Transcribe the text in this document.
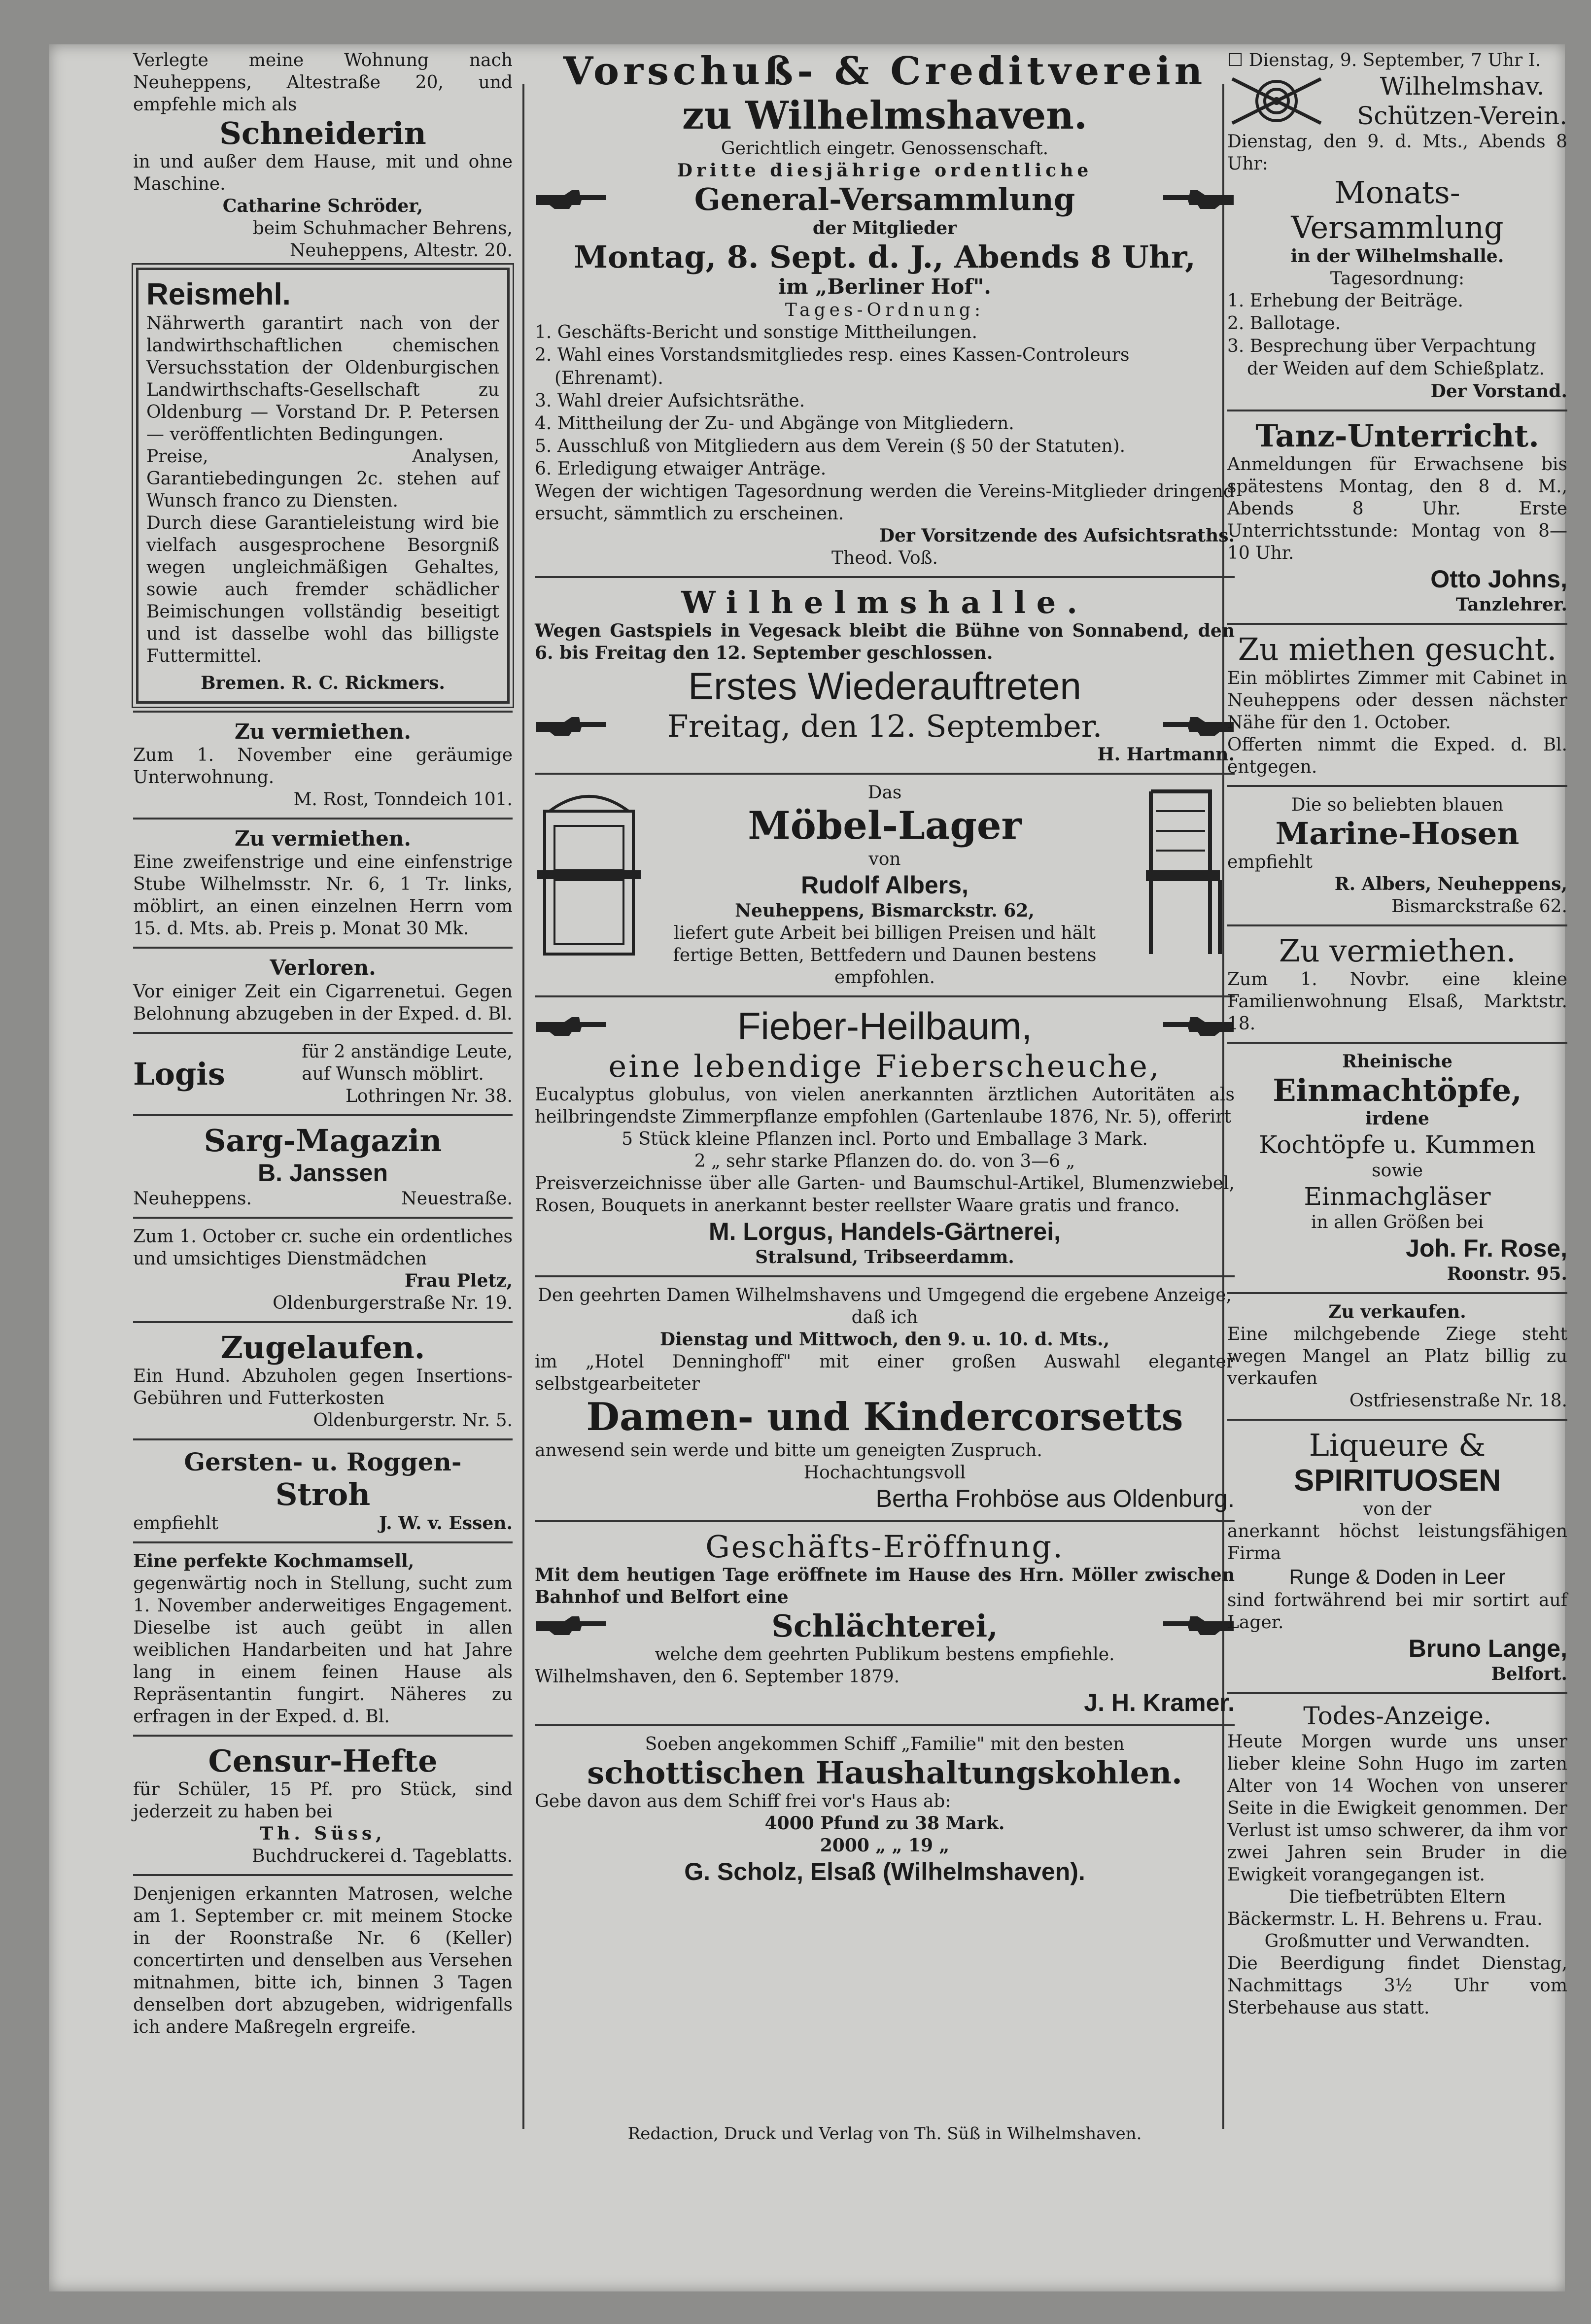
Verlegte meine Wohnung nach Neuheppens, Altestraße 20, und empfehle mich als

Schneiderin

in und außer dem Hause, mit und ohne Maschine.

Catharine Schröder,

beim Schuhmacher Behrens,

Neuheppens, Altestr. 20.

Reismehl.

Nährwerth garantirt nach von der landwirthschaftlichen chemischen Versuchsstation der Oldenburgischen Landwirthschafts-Gesellschaft zu Oldenburg — Vorstand Dr. P. Petersen — veröffentlichten Bedingungen.

Preise, Analysen, Garantiebedingungen 2c. stehen auf Wunsch franco zu Diensten.

Durch diese Garantieleistung wird bie vielfach ausgesprochene Besorgniß wegen ungleichmäßigen Gehaltes, sowie auch fremder schädlicher Beimischungen vollständig beseitigt und ist dasselbe wohl das billigste Futtermittel.

Bremen. R. C. Rickmers.

Zu vermiethen.

Zum 1. November eine geräumige Unterwohnung.

M. Rost, Tonndeich 101.

Zu vermiethen.

Eine zweifenstrige und eine einfenstrige Stube Wilhelmsstr. Nr. 6, 1 Tr. links, möblirt, an einen einzelnen Herrn vom 15. d. Mts. ab. Preis p. Monat 30 Mk.

Verloren.

Vor einiger Zeit ein Cigarrenetui. Gegen Belohnung abzugeben in der Exped. d. Bl.

Logis

für 2 anständige Leute,

auf Wunsch möblirt.

Lothringen Nr. 38.

Sarg-Magazin

B. Janssen

Neuheppens.	Neuestraße.

Zum 1. October cr. suche ein ordentliches und umsichtiges Dienstmädchen

Frau Pletz,

Oldenburgerstraße Nr. 19.

Zugelaufen.

Ein Hund. Abzuholen gegen Insertions-Gebühren und Futterkosten

Oldenburgerstr. Nr. 5.

Gersten- u. Roggen-

Stroh

empfiehlt	J. W. v. Essen.

Eine perfekte Kochmamsell,

gegenwärtig noch in Stellung, sucht zum 1. November anderweitiges Engagement. Dieselbe ist auch geübt in allen weiblichen Handarbeiten und hat Jahre lang in einem feinen Hause als Repräsentantin fungirt. Näheres zu erfragen in der Exped. d. Bl.

Censur-Hefte

für Schüler, 15 Pf. pro Stück, sind jederzeit zu haben bei

Th. Süss,

Buchdruckerei d. Tageblatts.

Denjenigen erkannten Matrosen, welche am 1. September cr. mit meinem Stocke in der Roonstraße Nr. 6 (Keller) concertirten und denselben aus Versehen mitnahmen, bitte ich, binnen 3 Tagen denselben dort abzugeben, widrigenfalls ich andere Maßregeln ergreife.

Vorschuß- & Creditverein

zu Wilhelmshaven.

Gerichtlich eingetr. Genossenschaft.

Dritte diesjährige ordentliche

General-Versammlung

der Mitglieder

Montag, 8. Sept. d. J., Abends 8 Uhr,

im „Berliner Hof".

Tages-Ordnung:

1. Geschäfts-Bericht und sonstige Mittheilungen.

2. Wahl eines Vorstandsmitgliedes resp. eines Kassen-Controleurs (Ehrenamt).

3. Wahl dreier Aufsichtsräthe.

4. Mittheilung der Zu- und Abgänge von Mitgliedern.

5. Ausschluß von Mitgliedern aus dem Verein (§ 50 der Statuten).

6. Erledigung etwaiger Anträge.

Wegen der wichtigen Tagesordnung werden die Vereins-Mitglieder dringend ersucht, sämmtlich zu erscheinen.

Der Vorsitzende des Aufsichtsraths.

Theod. Voß.

Wilhelmshalle.

Wegen Gastspiels in Vegesack bleibt die Bühne von Sonnabend, den 6. bis Freitag den 12. September geschlossen.

Erstes Wiederauftreten

Freitag, den 12. September.

H. Hartmann.

Das

Möbel-Lager

von

Rudolf Albers,

Neuheppens, Bismarckstr. 62,

liefert gute Arbeit bei billigen Preisen und hält fertige Betten, Bettfedern und Daunen bestens empfohlen.

Fieber-Heilbaum,

eine lebendige Fieberscheuche,

Eucalyptus globulus, von vielen anerkannten ärztlichen Autoritäten als heilbringendste Zimmerpflanze empfohlen (Gartenlaube 1876, Nr. 5), offerirt

5 Stück kleine Pflanzen incl. Porto und Emballage 3 Mark.

2 „ sehr starke Pflanzen do. do. von 3—6 „

Preisverzeichnisse über alle Garten- und Baumschul-Artikel, Blumenzwiebel, Rosen, Bouquets in anerkannt bester reellster Waare gratis und franco.

M. Lorgus, Handels-Gärtnerei,

Stralsund, Tribseerdamm.

Den geehrten Damen Wilhelmshavens und Umgegend die ergebene Anzeige, daß ich

Dienstag und Mittwoch, den 9. u. 10. d. Mts.,

im „Hotel Denninghoff" mit einer großen Auswahl eleganter selbstgearbeiteter

Damen- und Kindercorsetts

anwesend sein werde und bitte um geneigten Zuspruch.

Hochachtungsvoll

Bertha Frohböse aus Oldenburg.

Geschäfts-Eröffnung.

Mit dem heutigen Tage eröffnete im Hause des Hrn. Möller zwischen Bahnhof und Belfort eine

Schlächterei,

welche dem geehrten Publikum bestens empfiehle.

Wilhelmshaven, den 6. September 1879.

J. H. Kramer.

Soeben angekommen Schiff „Familie" mit den besten

schottischen Haushaltungskohlen.

Gebe davon aus dem Schiff frei vor's Haus ab:

4000 Pfund zu 38 Mark.

2000 „ „ 19 „

G. Scholz, Elsaß (Wilhelmshaven).

Redaction, Druck und Verlag von Th. Süß in Wilhelmshaven.

☐ Dienstag, 9. September, 7 Uhr I.

Wilhelmshav.

Schützen-Verein.

Dienstag, den 9. d. Mts., Abends 8 Uhr:

Monats-

Versammlung

in der Wilhelmshalle.

Tagesordnung:

1. Erhebung der Beiträge.

2. Ballotage.

3. Besprechung über Verpachtung der Weiden auf dem Schießplatz.

Der Vorstand.

Tanz-Unterricht.

Anmeldungen für Erwachsene bis spätestens Montag, den 8 d. M., Abends 8 Uhr. Erste Unterrichtsstunde: Montag von 8—10 Uhr.

Otto Johns,

Tanzlehrer.

Zu miethen gesucht.

Ein möblirtes Zimmer mit Cabinet in Neuheppens oder dessen nächster Nähe für den 1. October.

Offerten nimmt die Exped. d. Bl. entgegen.

Die so beliebten blauen

Marine-Hosen

empfiehlt

R. Albers, Neuheppens,

Bismarckstraße 62.

Zu vermiethen.

Zum 1. Novbr. eine kleine Familienwohnung Elsaß, Marktstr. 18.

Rheinische

Einmachtöpfe,

irdene

Kochtöpfe u. Kummen

sowie

Einmachgläser

in allen Größen bei

Joh. Fr. Rose,

Roonstr. 95.

Zu verkaufen.

Eine milchgebende Ziege steht wegen Mangel an Platz billig zu verkaufen

Ostfriesenstraße Nr. 18.

Liqueure &

SPIRITUOSEN

von der

anerkannt höchst leistungsfähigen Firma

Runge & Doden in Leer

sind fortwährend bei mir sortirt auf Lager.

Bruno Lange,

Belfort.

Todes-Anzeige.

Heute Morgen wurde uns unser lieber kleine Sohn Hugo im zarten Alter von 14 Wochen von unserer Seite in die Ewigkeit genommen. Der Verlust ist umso schwerer, da ihm vor zwei Jahren sein Bruder in die Ewigkeit vorangegangen ist.

Die tiefbetrübten Eltern

Bäckermstr. L. H. Behrens u. Frau.

Großmutter und Verwandten.

Die Beerdigung findet Dienstag, Nachmittags 3½ Uhr vom Sterbehause aus statt.
